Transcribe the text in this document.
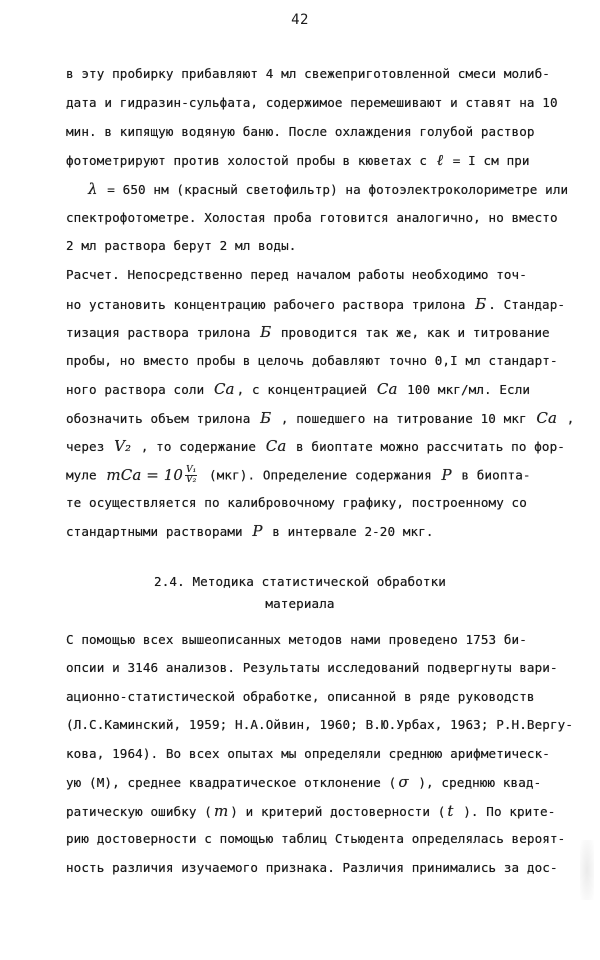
42
в эту пробирку прибавляют 4 мл свежеприготовленной смеси молиб-
дата и гидразин-сульфата, содержимое перемешивают и ставят на 10
мин. в кипящую водяную баню. После охлаждения голубой раствор
фотометрируют против холостой пробы в кюветах с ℓ = I см при
λ = 650 нм (красный светофильтр) на фотоэлектроколориметре или
спектрофотометре. Холостая проба готовится аналогично, но вместо
2 мл раствора берут 2 мл воды.
Расчет. Непосредственно перед началом работы необходимо точ-
но установить концентрацию рабочего раствора трилона Б . Стандар-
тизация раствора трилона Б проводится так же, как и титрование
пробы, но вместо пробы в целочь добавляют точно 0,I мл стандарт-
ного раствора соли Ca , с концентрацией Ca 100 мкг/мл. Если
обозначить объем трилона Б , пошедшего на титрование 10 мкг Ca ,
через V₂ , то содержание Ca в биоптате можно рассчитать по фор-
муле mCa = $10 \frac{\text{V₁}}{\text{V₂}} (мкг)$. Определение содержания P в биопта-
те осуществляется по калибровочному графику, построенному со
стандартными растворами P в интервале 2-20 мкг.
2.4. Методика статистической обработки
материала
С помощью всех вышеописанных методов нами проведено 1753 би-
опсии и 3146 анализов. Результаты исследований подвергнуты вари-
ационно-статистической обработке, описанной в ряде руководств
(Л.С.Каминский, 1959; Н.А.Ойвин, 1960; В.Ю.Урбах, 1963; Р.Н.Вергу-
кова, 1964). Во всех опытах мы определяли среднюю арифметическ-
ую (М), среднее квадратическое отклонение ( σ ), среднюю квад-
ратическую ошибку ( m ) и критерий достоверности ( t ). По крите-
рию достоверности с помощью таблиц Стьюдента определялась вероят-
ность различия изучаемого признака. Различия принимались за дос-
